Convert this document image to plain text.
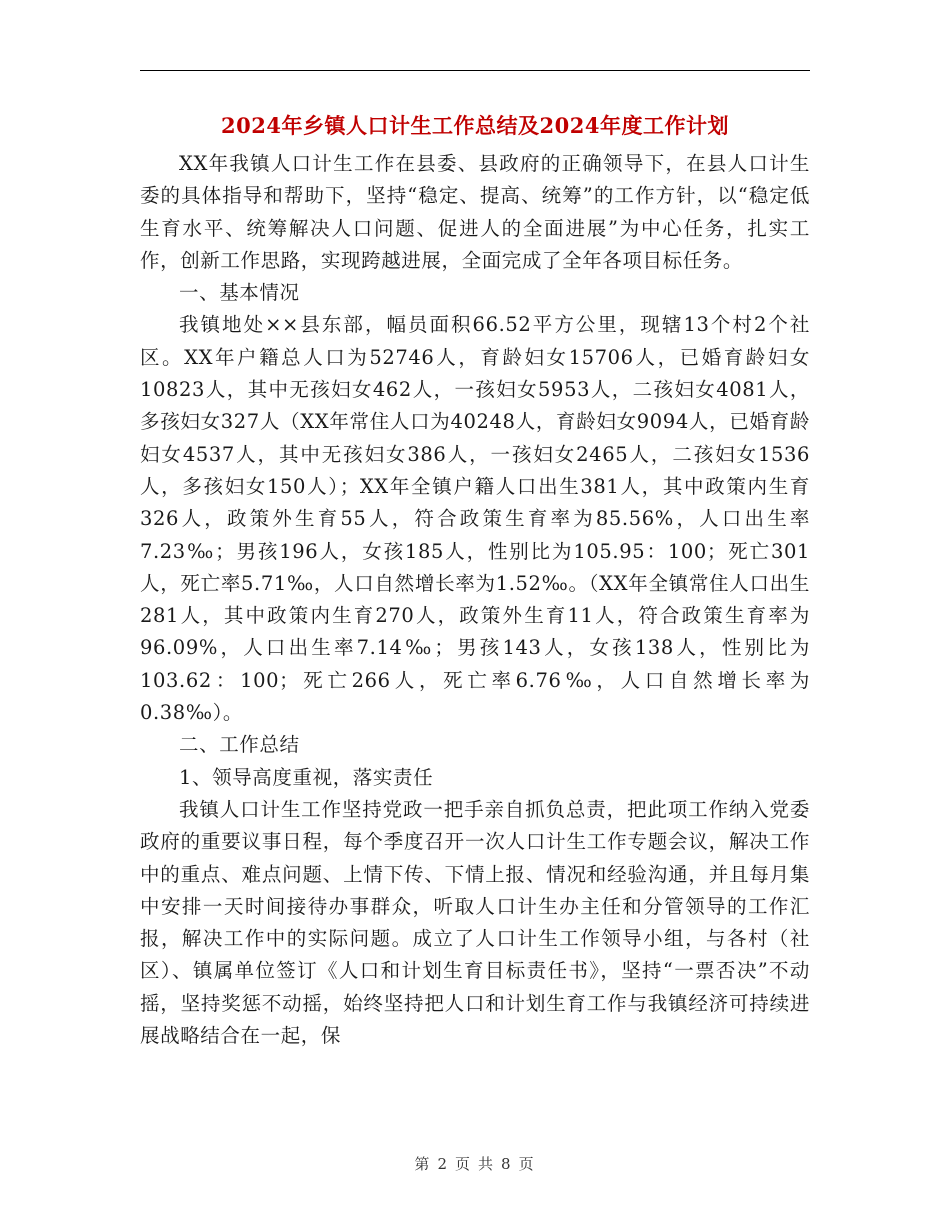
2024年乡镇人口计生工作总结及2024年度工作计划

XX年我镇人口计生工作在县委、县政府的正确领导下，在县人口计生委的具体指导和帮助下，坚持“稳定、提高、统筹”的工作方针，以“稳定低生育水平、统筹解决人口问题、促进人的全面进展”为中心任务，扎实工作，创新工作思路，实现跨越进展，全面完成了全年各项目标任务。

一、基本情况

我镇地处××县东部，幅员面积66.52平方公里，现辖13个村2个社区。XX年户籍总人口为52746人，育龄妇女15706人，已婚育龄妇女10823人，其中无孩妇女462人，一孩妇女5953人，二孩妇女4081人，多孩妇女327人（XX年常住人口为40248人，育龄妇女9094人，已婚育龄妇女4537人，其中无孩妇女386人，一孩妇女2465人，二孩妇女1536人，多孩妇女150人）；XX年全镇户籍人口出生381人，其中政策内生育326人，政策外生育55人，符合政策生育率为85.56%，人口出生率7.23‰；男孩196人，女孩185人，性别比为105.95：100；死亡301人，死亡率5.71‰，人口自然增长率为1.52‰。（XX年全镇常住人口出生281人，其中政策内生育270人，政策外生育11人，符合政策生育率为96.09%，人口出生率7.14‰；男孩143人，女孩138人，性别比为103.62：100；死亡266人，死亡率6.76‰，人口自然增长率为0.38‰）。

二、工作总结

1、领导高度重视，落实责任

我镇人口计生工作坚持党政一把手亲自抓负总责，把此项工作纳入党委政府的重要议事日程，每个季度召开一次人口计生工作专题会议，解决工作中的重点、难点问题、上情下传、下情上报、情况和经验沟通，并且每月集中安排一天时间接待办事群众，听取人口计生办主任和分管领导的工作汇报，解决工作中的实际问题。成立了人口计生工作领导小组，与各村（社区）、镇属单位签订《人口和计划生育目标责任书》，坚持“一票否决”不动摇，坚持奖惩不动摇，始终坚持把人口和计划生育工作与我镇经济可持续进展战略结合在一起，保

第 2 页 共 8 页
